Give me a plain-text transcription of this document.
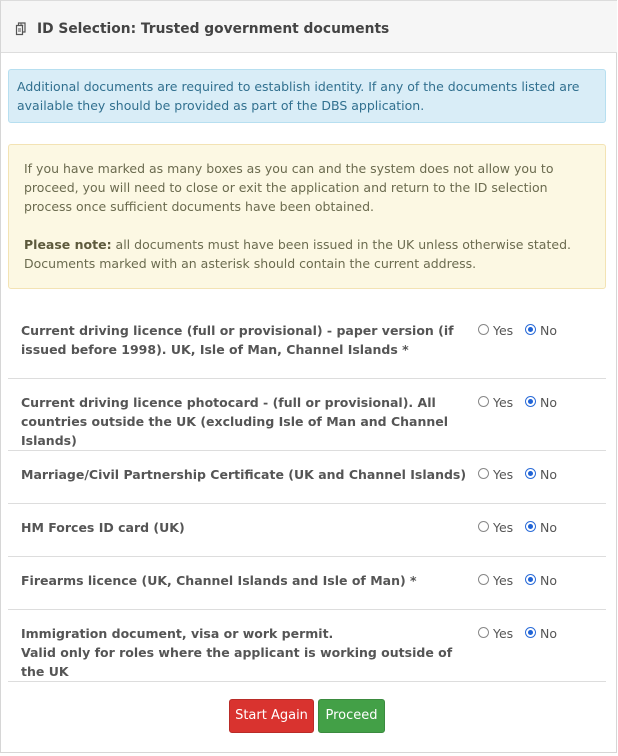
ID Selection: Trusted government documents
Additional documents are required to establish identity. If any of the documents listed are available they should be provided as part of the DBS application.

If you have marked as many boxes as you can and the system does not allow you to proceed, you will need to close or exit the application and return to the ID selection process once sufficient documents have been obtained.

Please note: all documents must have been issued in the UK unless otherwise stated. Documents marked with an asterisk should contain the current address.

Current driving licence (full or provisional) - paper version (if issued before 1998). UK, Isle of Man, Channel Islands *
Yes No
Current driving licence photocard - (full or provisional). All countries outside the UK (excluding Isle of Man and Channel Islands)
Yes No
Marriage/Civil Partnership Certificate (UK and Channel Islands)	Yes No
HM Forces ID card (UK)	Yes No
Firearms licence (UK, Channel Islands and Isle of Man) *	Yes No
Immigration document, visa or work permit.
Valid only for roles where the applicant is working outside of the UK
Yes No
Start Again	Proceed
